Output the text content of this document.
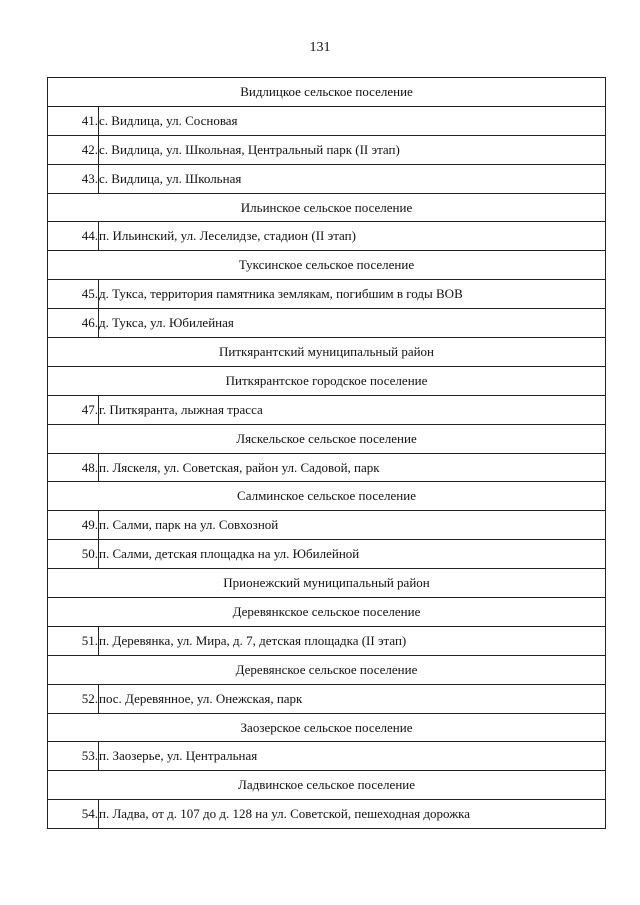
131
Видлицкое сельское поселение	
41.	с. Видлица, ул. Сосновая
42.	с. Видлица, ул. Школьная, Центральный парк (II этап)
43.	с. Видлица, ул. Школьная
Ильинское сельское поселение	
44.	п. Ильинский, ул. Леселидзе, стадион (II этап)
Туксинское сельское поселение	
45.	д. Тукса, территория памятника землякам, погибшим в годы ВОВ
46.	д. Тукса, ул. Юбилейная
Питкярантский муниципальный район	
Питкярантское городское поселение	
47.	г. Питкяранта, лыжная трасса
Ляскельское сельское поселение	
48.	п. Ляскеля, ул. Советская, район ул. Садовой, парк
Салминское сельское поселение	
49.	п. Салми, парк на ул. Совхозной
50.	п. Салми, детская площадка на ул. Юбилейной
Прионежский муниципальный район	
Деревянкское сельское поселение	
51.	п. Деревянка, ул. Мира, д. 7, детская площадка (II этап)
Деревянское сельское поселение	
52.	пос. Деревянное, ул. Онежская, парк
Заозерское сельское поселение	
53.	п. Заозерье, ул. Центральная
Ладвинское сельское поселение	
54.	п. Ладва, от д. 107 до д. 128 на ул. Советской, пешеходная дорожка
